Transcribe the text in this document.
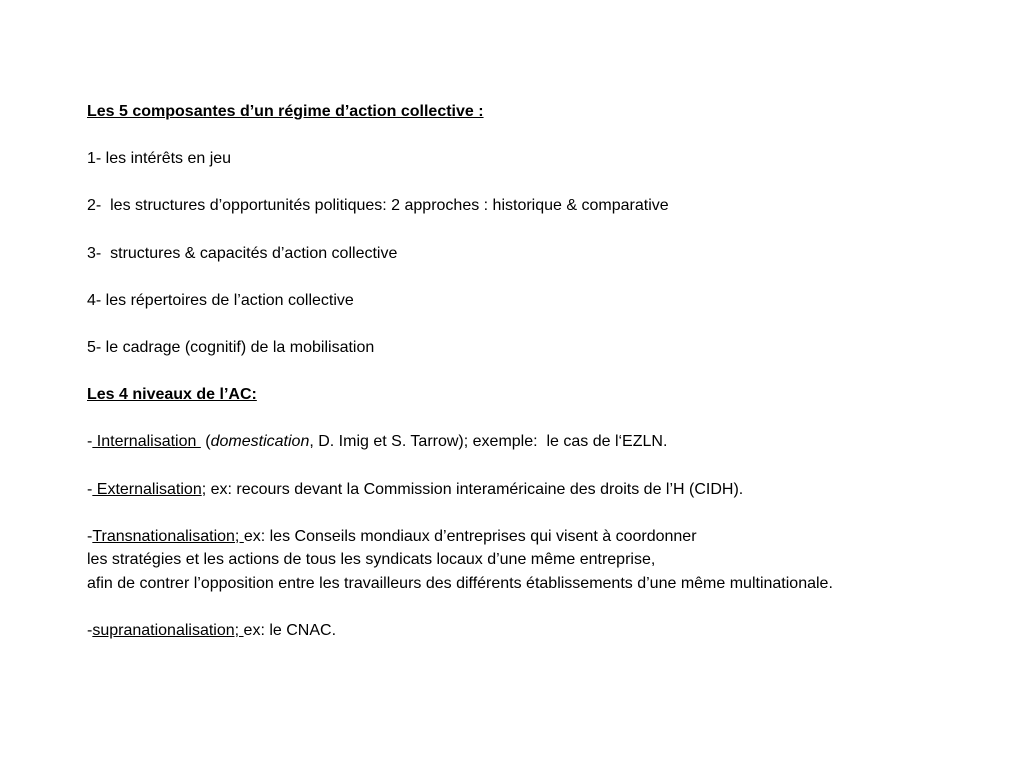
Les 5 composantes d’un régime d’action collective :
1- les intérêts en jeu
2-  les structures d’opportunités politiques: 2 approches : historique & comparative
3-  structures & capacités d’action collective
4- les répertoires de l’action collective
5- le cadrage (cognitif) de la mobilisation
Les 4 niveaux de l’AC:
- Internalisation  (domestication, D. Imig et S. Tarrow); exemple:  le cas de l‘EZLN.
- Externalisation; ex: recours devant la Commission interaméricaine des droits de l’H (CIDH).
-Transnationalisation; ex: les Conseils mondiaux d’entreprises qui visent à coordonner
les stratégies et les actions de tous les syndicats locaux d’une même entreprise,
afin de contrer l’opposition entre les travailleurs des différents établissements d’une même multinationale.
-supranationalisation; ex: le CNAC.
